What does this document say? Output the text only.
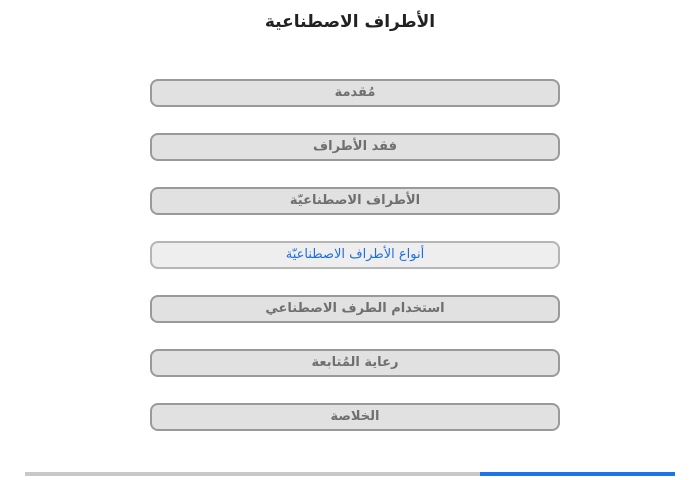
الأطراف الاصطناعية
مُقدمة
فقد الأطراف
الأطراف الاصطناعيّة
أنواع الأطراف الاصطناعيّة
استخدام الطرف الاصطناعي
رعاية المُتابعة
الخلاصة
